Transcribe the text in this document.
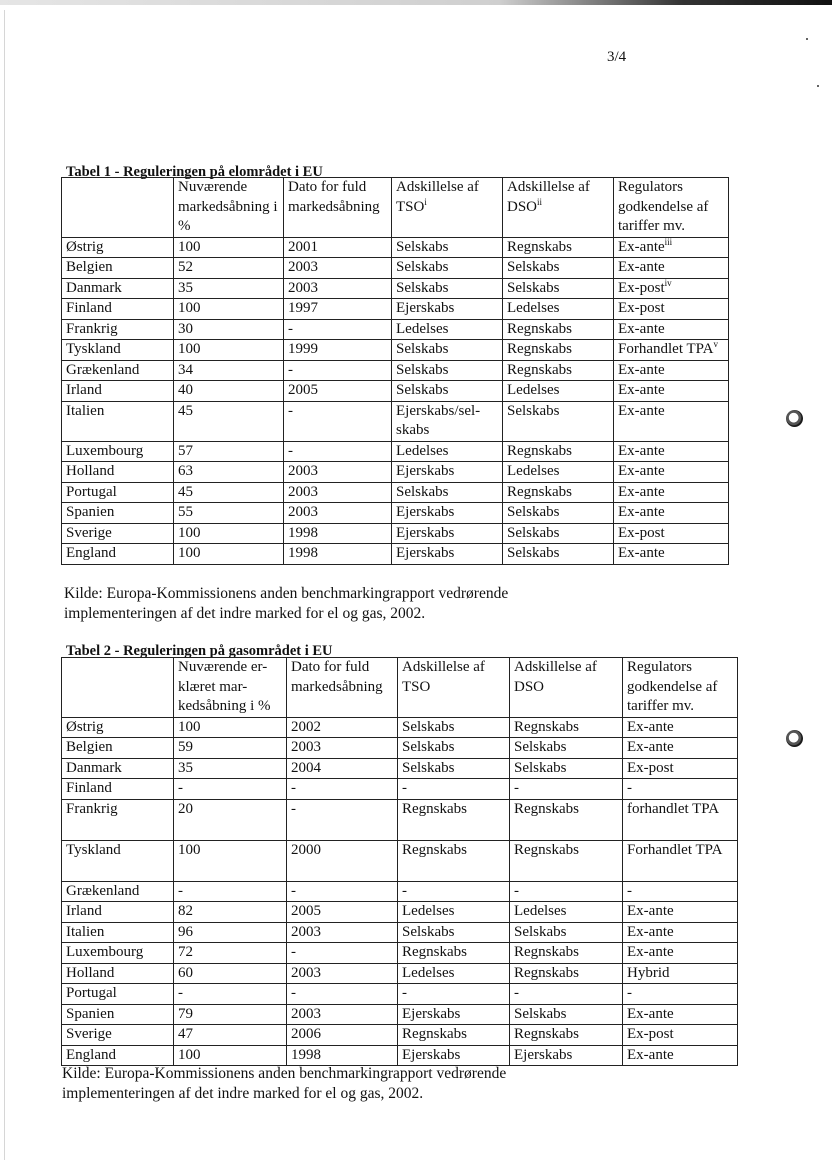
3/4
Tabel 1 - Reguleringen på elområdet i EU
	Nuværende markedsåbning i %	Dato for fuld markedsåbning	Adskillelse af TSO$^i$	Adskillelse af DSO$^{ii}$	Regulators godkendelse af tariffer mv.
Østrig	100	2001	Selskabs	Regnskabs	Ex-ante$^{iii}$
Belgien	52	2003	Selskabs	Selskabs	Ex-ante
Danmark	35	2003	Selskabs	Selskabs	Ex-post$^{iv}$
Finland	100	1997	Ejerskabs	Ledelses	Ex-post
Frankrig	30	-	Ledelses	Regnskabs	Ex-ante
Tyskland	100	1999	Selskabs	Regnskabs	Forhandlet TPA$^v$
Grækenland	34	-	Selskabs	Regnskabs	Ex-ante
Irland	40	2005	Selskabs	Ledelses	Ex-ante
Italien	45	-	Ejerskabs/sel-skabs	Selskabs	Ex-ante
Luxembourg	57	-	Ledelses	Regnskabs	Ex-ante
Holland	63	2003	Ejerskabs	Ledelses	Ex-ante
Portugal	45	2003	Selskabs	Regnskabs	Ex-ante
Spanien	55	2003	Ejerskabs	Selskabs	Ex-ante
Sverige	100	1998	Ejerskabs	Selskabs	Ex-post
England	100	1998	Ejerskabs	Selskabs	Ex-ante
Kilde: Europa-Kommissionens anden benchmarkingrapport vedrørende implementeringen af det indre marked for el og gas, 2002.
Tabel 2 - Reguleringen på gasområdet i EU
	Nuværende er-klæret mar-kedsåbning i %	Dato for fuld markedsåbning	Adskillelse af TSO	Adskillelse af DSO	Regulators godkendelse af tariffer mv.
Østrig	100	2002	Selskabs	Regnskabs	Ex-ante
Belgien	59	2003	Selskabs	Selskabs	Ex-ante
Danmark	35	2004	Selskabs	Selskabs	Ex-post
Finland	-	-	-	-	-
Frankrig	20	-	Regnskabs	Regnskabs	forhandlet TPA
Tyskland	100	2000	Regnskabs	Regnskabs	Forhandlet TPA
Grækenland	-	-	-	-	-
Irland	82	2005	Ledelses	Ledelses	Ex-ante
Italien	96	2003	Selskabs	Selskabs	Ex-ante
Luxembourg	72	-	Regnskabs	Regnskabs	Ex-ante
Holland	60	2003	Ledelses	Regnskabs	Hybrid
Portugal	-	-	-	-	-
Spanien	79	2003	Ejerskabs	Selskabs	Ex-ante
Sverige	47	2006	Regnskabs	Regnskabs	Ex-post
England	100	1998	Ejerskabs	Ejerskabs	Ex-ante
Kilde: Europa-Kommissionens anden benchmarkingrapport vedrørende implementeringen af det indre marked for el og gas, 2002.
